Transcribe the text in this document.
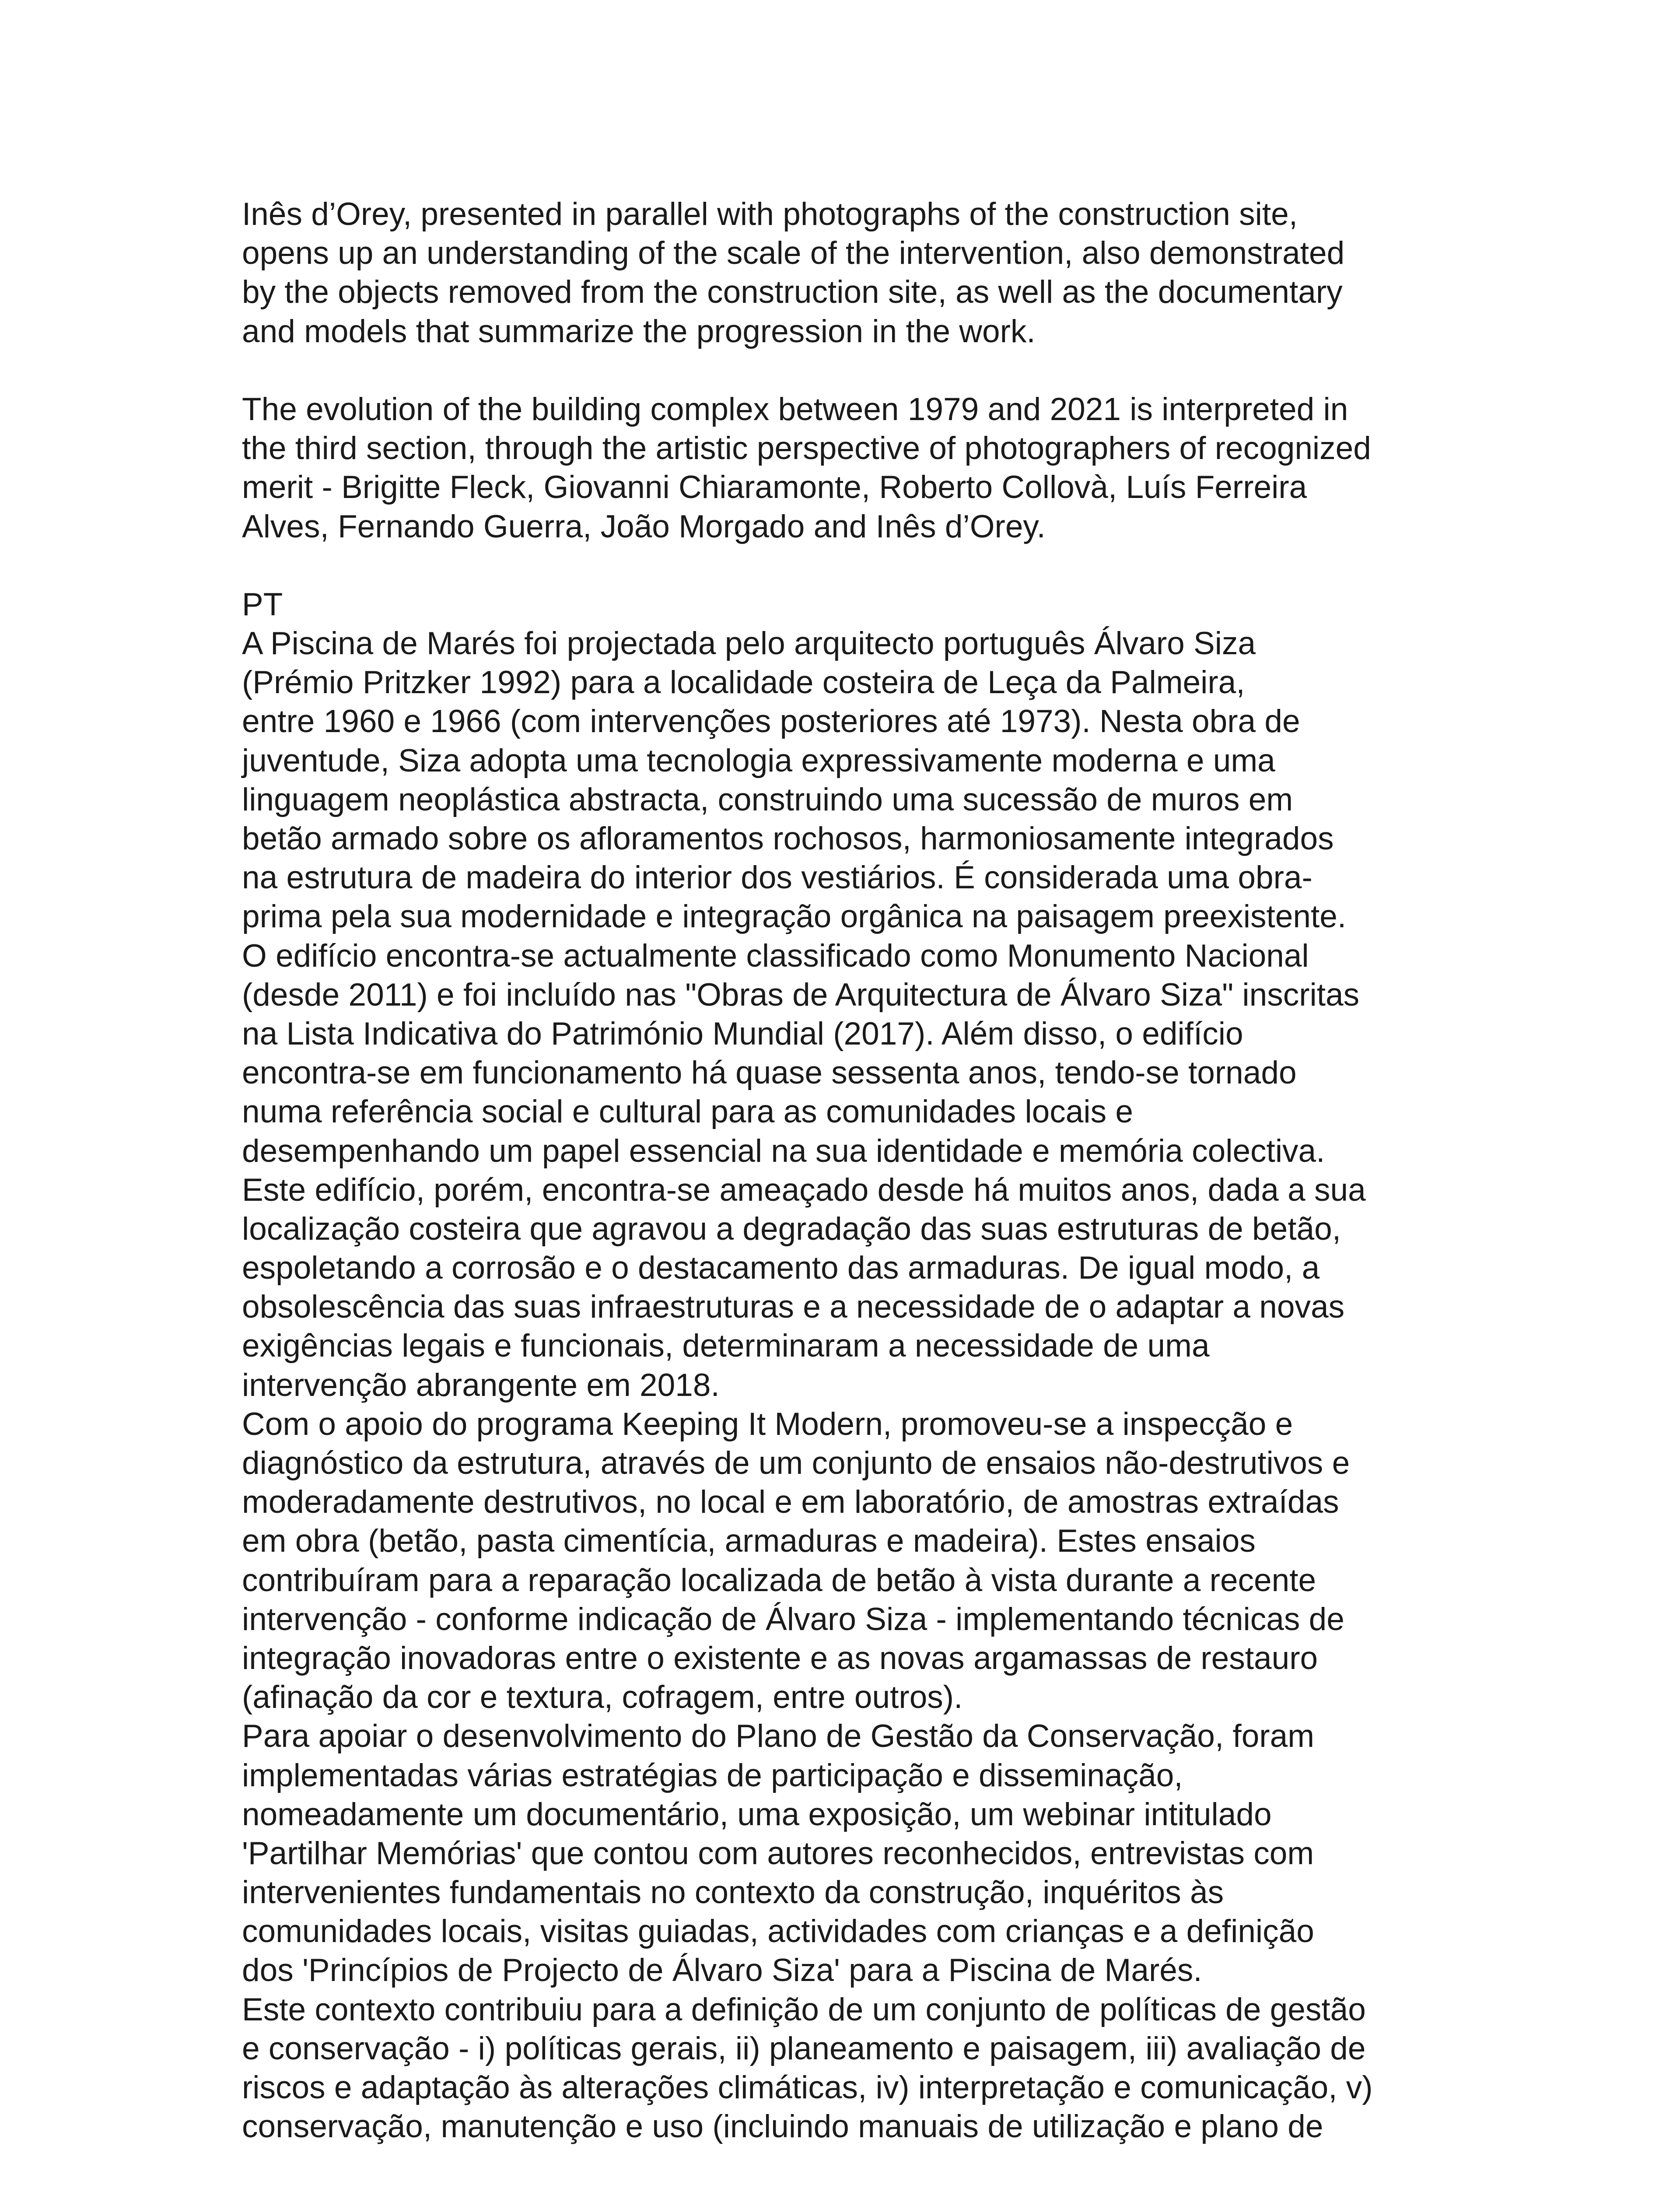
Inês d’Orey, presented in parallel with photographs of the construction site,
opens up an understanding of the scale of the intervention, also demonstrated
by the objects removed from the construction site, as well as the documentary
and models that summarize the progression in the work.
The evolution of the building complex between 1979 and 2021 is interpreted in
the third section, through the artistic perspective of photographers of recognized
merit - Brigitte Fleck, Giovanni Chiaramonte, Roberto Collovà, Luís Ferreira
Alves, Fernando Guerra, João Morgado and Inês d’Orey.
PT
A Piscina de Marés foi projectada pelo arquitecto português Álvaro Siza
(Prémio Pritzker 1992) para a localidade costeira de Leça da Palmeira,
entre 1960 e 1966 (com intervenções posteriores até 1973). Nesta obra de
juventude, Siza adopta uma tecnologia expressivamente moderna e uma
linguagem neoplástica abstracta, construindo uma sucessão de muros em
betão armado sobre os afloramentos rochosos, harmoniosamente integrados
na estrutura de madeira do interior dos vestiários. É considerada uma obra-
prima pela sua modernidade e integração orgânica na paisagem preexistente.
O edifício encontra-se actualmente classificado como Monumento Nacional
(desde 2011) e foi incluído nas "Obras de Arquitectura de Álvaro Siza" inscritas
na Lista Indicativa do Património Mundial (2017). Além disso, o edifício
encontra-se em funcionamento há quase sessenta anos, tendo-se tornado
numa referência social e cultural para as comunidades locais e
desempenhando um papel essencial na sua identidade e memória colectiva.
Este edifício, porém, encontra-se ameaçado desde há muitos anos, dada a sua
localização costeira que agravou a degradação das suas estruturas de betão,
espoletando a corrosão e o destacamento das armaduras. De igual modo, a
obsolescência das suas infraestruturas e a necessidade de o adaptar a novas
exigências legais e funcionais, determinaram a necessidade de uma
intervenção abrangente em 2018.
Com o apoio do programa Keeping It Modern, promoveu-se a inspecção e
diagnóstico da estrutura, através de um conjunto de ensaios não-destrutivos e
moderadamente destrutivos, no local e em laboratório, de amostras extraídas
em obra (betão, pasta cimentícia, armaduras e madeira). Estes ensaios
contribuíram para a reparação localizada de betão à vista durante a recente
intervenção - conforme indicação de Álvaro Siza - implementando técnicas de
integração inovadoras entre o existente e as novas argamassas de restauro
(afinação da cor e textura, cofragem, entre outros).
Para apoiar o desenvolvimento do Plano de Gestão da Conservação, foram
implementadas várias estratégias de participação e disseminação,
nomeadamente um documentário, uma exposição, um webinar intitulado
'Partilhar Memórias' que contou com autores reconhecidos, entrevistas com
intervenientes fundamentais no contexto da construção, inquéritos às
comunidades locais, visitas guiadas, actividades com crianças e a definição
dos 'Princípios de Projecto de Álvaro Siza' para a Piscina de Marés.
Este contexto contribuiu para a definição de um conjunto de políticas de gestão
e conservação - i) políticas gerais, ii) planeamento e paisagem, iii) avaliação de
riscos e adaptação às alterações climáticas, iv) interpretação e comunicação, v)
conservação, manutenção e uso (incluindo manuais de utilização e plano de
